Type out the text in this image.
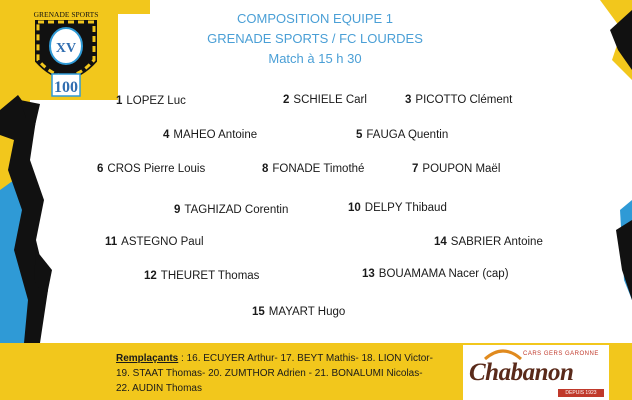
GRENADE SPORTS
XV
100
COMPOSITION EQUIPE 1
GRENADE SPORTS / FC LOURDES
Match à 15 h 30
1 LOPEZ Luc	2 SCHIELE Carl	3 PICOTTO Clément
4 MAHEO Antoine	5 FAUGA Quentin
6 CROS Pierre Louis	8 FONADE Timothé	7 POUPON Maël
9 TAGHIZAD Corentin	10 DELPY Thibaud
11 ASTEGNO Paul	14 SABRIER Antoine
12 THEURET Thomas	13 BOUAMAMA Nacer (cap)
15 MAYART Hugo
Remplaçants : 16. ECUYER Arthur- 17. BEYT Mathis- 18. LION Victor-
19. STAAT Thomas- 20. ZUMTHOR Adrien - 21. BONALUMI Nicolas-
22. AUDIN Thomas
CARS GERS GARONNE
Chabanon
DEPUIS 1923
